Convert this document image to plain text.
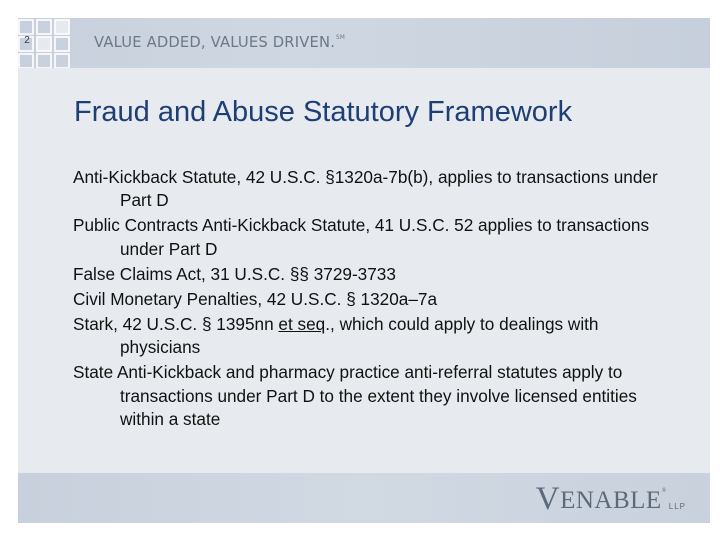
2	VALUE ADDED, VALUES DRIVEN.℠
Fraud and Abuse Statutory Framework
Anti-Kickback Statute, 42 U.S.C. §1320a-7b(b), applies to transactions under Part D
Public Contracts Anti-Kickback Statute, 41 U.S.C. 52 applies to transactions under Part D
False Claims Act, 31 U.S.C. §§ 3729-3733
Civil Monetary Penalties, 42 U.S.C. § 1320a–7a
Stark, 42 U.S.C. § 1395nn et seq., which could apply to dealings with physicians
State Anti-Kickback and pharmacy practice anti-referral statutes apply to transactions under Part D to the extent they involve licensed entities within a state
VENABLE®LLP
